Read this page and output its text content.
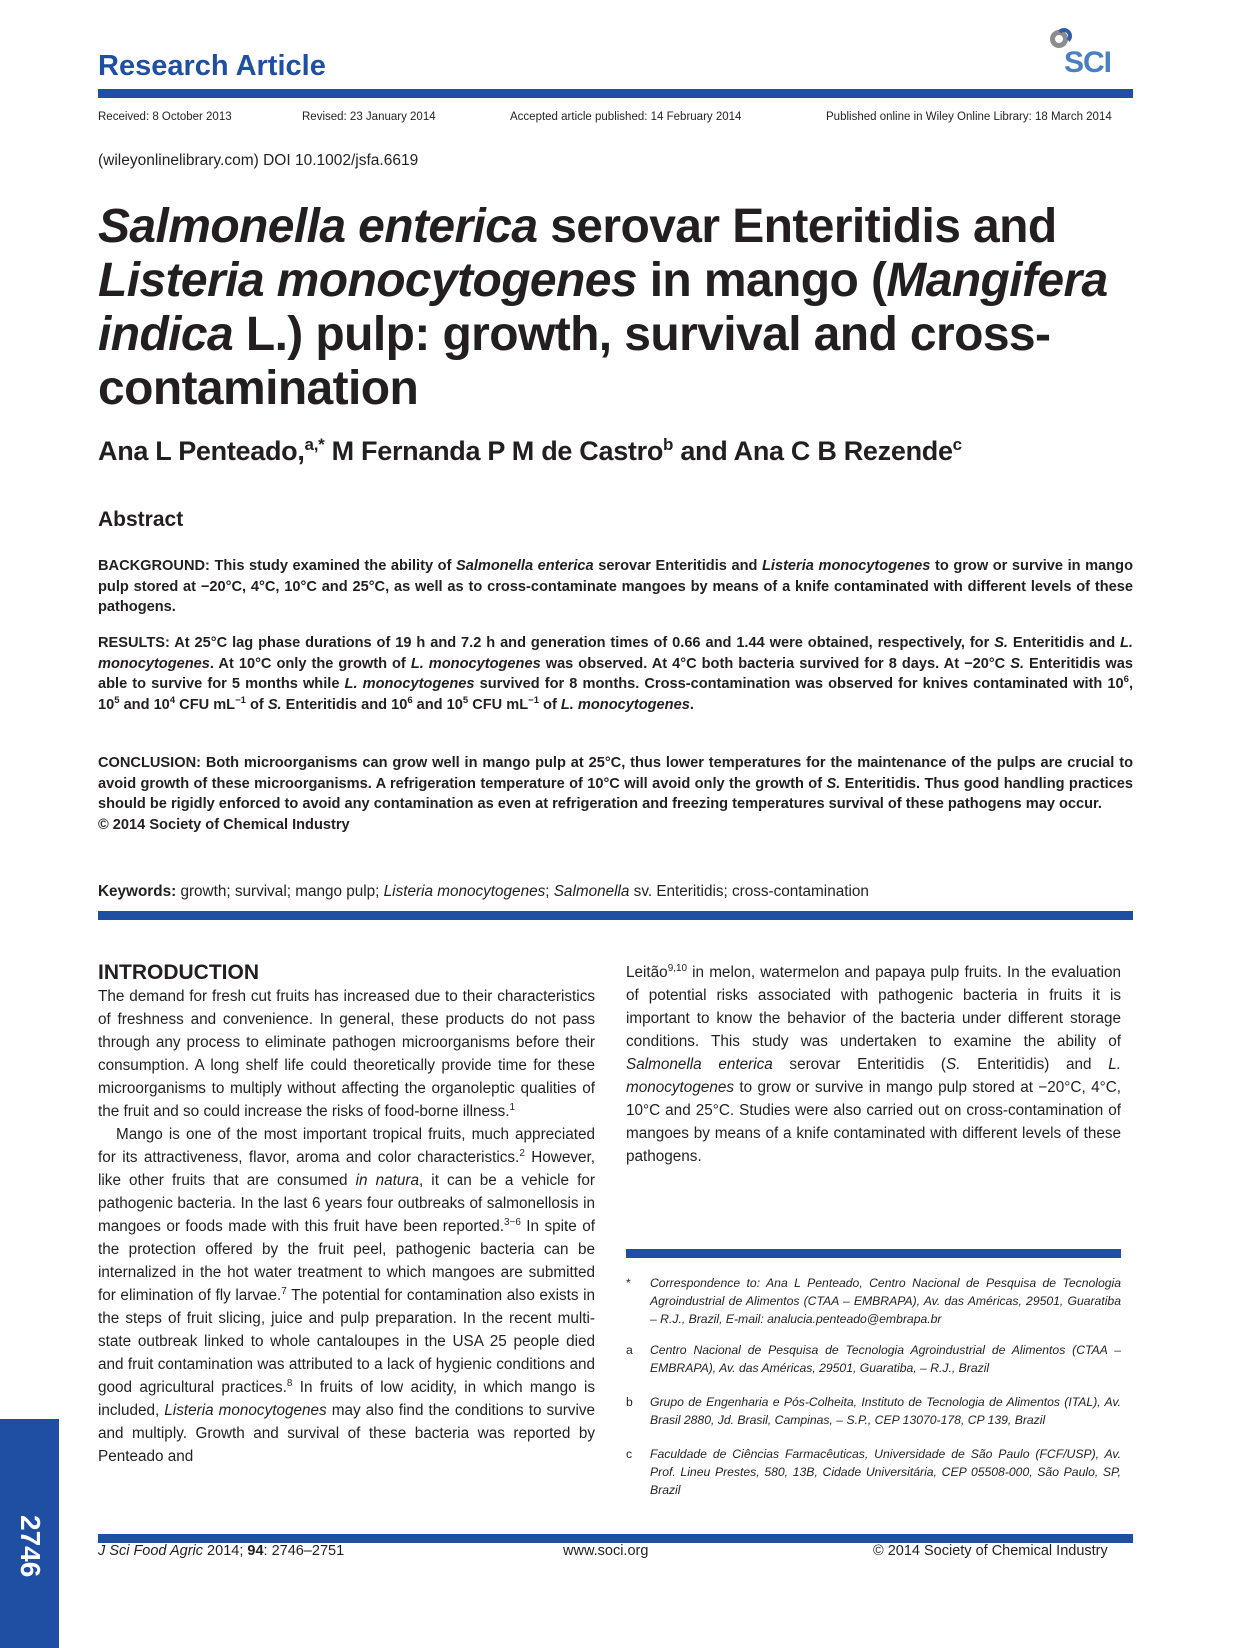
Research Article	SCI
Received: 8 October 2013	Revised: 23 January 2014	Accepted article published: 14 February 2014	Published online in Wiley Online Library: 18 March 2014
(wileyonlinelibrary.com) DOI 10.1002/jsfa.6619
Salmonella enterica serovar Enteritidis and
Listeria monocytogenes in mango (Mangifera indica L.) pulp: growth, survival and cross-contamination
Ana L Penteado,$^{a,*}$ M Fernanda P M de Castro$^b$ and Ana C B Rezende$^c$
Abstract
BACKGROUND: This study examined the ability of Salmonella enterica serovar Enteritidis and Listeria monocytogenes to grow or survive in mango pulp stored at −20°C, 4°C, 10°C and 25°C, as well as to cross-contaminate mangoes by means of a knife contaminated with different levels of these pathogens.
RESULTS: At 25°C lag phase durations of 19 h and 7.2 h and generation times of 0.66 and 1.44 were obtained, respectively, for S. Enteritidis and L. monocytogenes. At 10°C only the growth of L. monocytogenes was observed. At 4°C both bacteria survived for 8 days. At −20°C S. Enteritidis was able to survive for 5 months while L. monocytogenes survived for 8 months. Cross-contamination was observed for knives contaminated with $10^6$, $10^5$ and $10^4$ CFU $mL^{-1}$ of S. Enteritidis and $10^6$ and $10^5$ CFU $mL^{-1}$ of L. monocytogenes.
CONCLUSION: Both microorganisms can grow well in mango pulp at 25°C, thus lower temperatures for the maintenance of the pulps are crucial to avoid growth of these microorganisms. A refrigeration temperature of 10°C will avoid only the growth of S. Enteritidis. Thus good handling practices should be rigidly enforced to avoid any contamination as even at refrigeration and freezing temperatures survival of these pathogens may occur.
© 2014 Society of Chemical Industry
Keywords: growth; survival; mango pulp; Listeria monocytogenes; Salmonella sv. Enteritidis; cross-contamination
INTRODUCTION

The demand for fresh cut fruits has increased due to their characteristics of freshness and convenience. In general, these products do not pass through any process to eliminate pathogen microorganisms before their consumption. A long shelf life could theoretically provide time for these microorganisms to multiply without affecting the organoleptic qualities of the fruit and so could increase the risks of food-borne illness.$^1$

Mango is one of the most important tropical fruits, much appreciated for its attractiveness, flavor, aroma and color characteristics.$^2$ However, like other fruits that are consumed in natura, it can be a vehicle for pathogenic bacteria. In the last 6 years four outbreaks of salmonellosis in mangoes or foods made with this fruit have been reported.$^{3-6}$ In spite of the protection offered by the fruit peel, pathogenic bacteria can be internalized in the hot water treatment to which mangoes are submitted for elimination of fly larvae.$^7$ The potential for contamination also exists in the steps of fruit slicing, juice and pulp preparation. In the recent multi-state outbreak linked to whole cantaloupes in the USA 25 people died and fruit contamination was attributed to a lack of hygienic conditions and good agricultural practices.$^8$ In fruits of low acidity, in which mango is included, Listeria monocytogenes may also find the conditions to survive and multiply. Growth and survival of these bacteria was reported by Penteado and

Leitão$^{9,10}$ in melon, watermelon and papaya pulp fruits. In the evaluation of potential risks associated with pathogenic bacteria in fruits it is important to know the behavior of the bacteria under different storage conditions. This study was undertaken to examine the ability of Salmonella enterica serovar Enteritidis (S. Enteritidis) and L. monocytogenes to grow or survive in mango pulp stored at −20°C, 4°C, 10°C and 25°C. Studies were also carried out on cross-contamination of mangoes by means of a knife contaminated with different levels of these pathogens.

* Correspondence to: Ana L Penteado, Centro Nacional de Pesquisa de Tecnologia Agroindustrial de Alimentos (CTAA – EMBRAPA), Av. das Américas, 29501, Guaratiba – R.J., Brazil, E-mail: analucia.penteado@embrapa.br
a Centro Nacional de Pesquisa de Tecnologia Agroindustrial de Alimentos (CTAA – EMBRAPA), Av. das Américas, 29501, Guaratiba, – R.J., Brazil
b Grupo de Engenharia e Pós-Colheita, Instituto de Tecnologia de Alimentos (ITAL), Av. Brasil 2880, Jd. Brasil, Campinas, – S.P., CEP 13070-178, CP 139, Brazil
c Faculdade de Ciências Farmacêuticas, Universidade de São Paulo (FCF/USP), Av. Prof. Lineu Prestes, 580, 13B, Cidade Universitária, CEP 05508-000, São Paulo, SP, Brazil
J Sci Food Agric 2014; 94: 2746–2751	www.soci.org	© 2014 Society of Chemical Industry
2746
